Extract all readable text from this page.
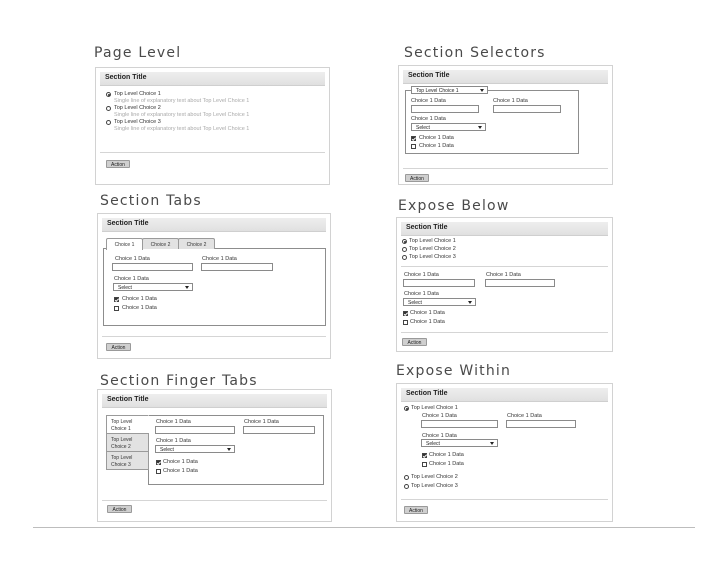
Page Level
Section Title
Top Level Choice 1
Single line of explanatory text about Top Level Choice 1
Top Level Choice 2
Single line of explanatory text about Top Level Choice 1
Top Level Choice 3
Single line of explanatory text about Top Level Choice 1
Action
Section Selectors
Section Title
Top Level Choice 1
Choice 1 Data	Choice 1 Data
Choice 1 Data
Select
Choice 1 Data
Choice 1 Data
Action
Section Tabs
Section Title
Choice 1	Choice 2	Choice 2
Choice 1 Data	Choice 1 Data
Choice 1 Data
Select
Choice 1 Data
Choice 1 Data
Action
Expose Below
Section Title
Top Level Choice 1
Top Level Choice 2
Top Level Choice 3
Choice 1 Data	Choice 1 Data
Choice 1 Data
Select
Choice 1 Data
Choice 1 Data
Action
Section Finger Tabs
Section Title
Top Level
Choice 1
Top Level
Choice 2
Top Level
Choice 3
Choice 1 Data	Choice 1 Data
Choice 1 Data
Select
Choice 1 Data
Choice 1 Data
Action
Expose Within
Section Title
Top Level Choice 1
Choice 1 Data	Choice 1 Data
Choice 1 Data
Select
Choice 1 Data
Choice 1 Data
Top Level Choice 2
Top Level Choice 3
Action
